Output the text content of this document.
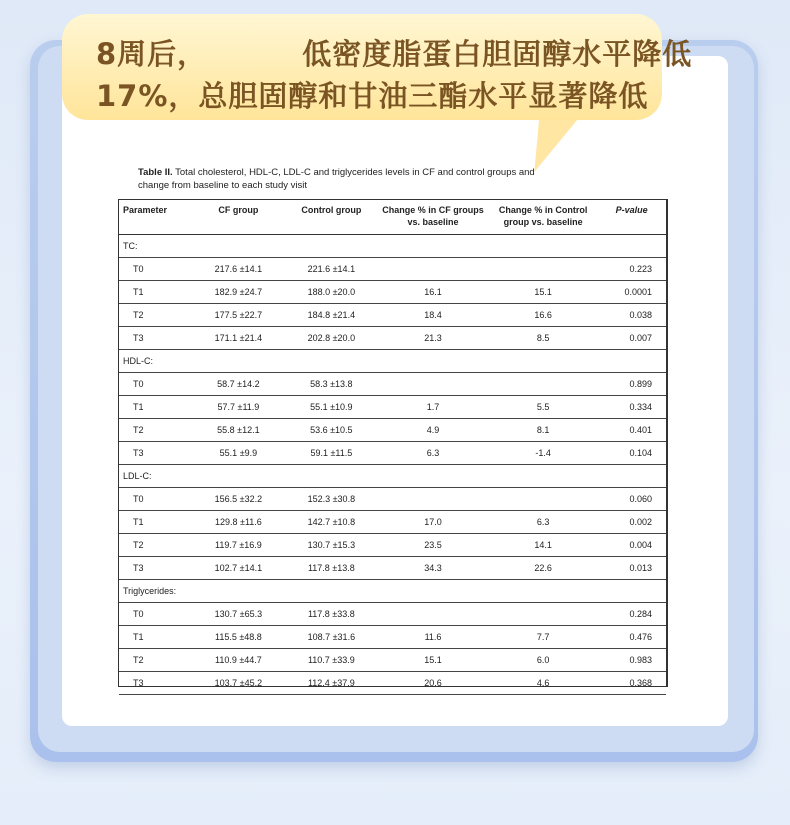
8周后，	低密度脂蛋白胆固醇水平降低
17%，总胆固醇和甘油三酯水平显著降低
Table II. Total cholesterol, HDL-C, LDL-C and triglycerides levels in CF and control groups and change from baseline to each study visit
Parameter	CF group	Control group	Change % in CF groups vs. baseline	Change % in Control group vs. baseline	P-value
TC:					
T0	217.6 ±14.1	221.6 ±14.1			0.223
T1	182.9 ±24.7	188.0 ±20.0	16.1	15.1	0.0001
T2	177.5 ±22.7	184.8 ±21.4	18.4	16.6	0.038
T3	171.1 ±21.4	202.8 ±20.0	21.3	8.5	0.007
HDL-C:					
T0	58.7 ±14.2	58.3 ±13.8			0.899
T1	57.7 ±11.9	55.1 ±10.9	1.7	5.5	0.334
T2	55.8 ±12.1	53.6 ±10.5	4.9	8.1	0.401
T3	55.1 ±9.9	59.1 ±11.5	6.3	-1.4	0.104
LDL-C:					
T0	156.5 ±32.2	152.3 ±30.8			0.060
T1	129.8 ±11.6	142.7 ±10.8	17.0	6.3	0.002
T2	119.7 ±16.9	130.7 ±15.3	23.5	14.1	0.004
T3	102.7 ±14.1	117.8 ±13.8	34.3	22.6	0.013
Triglycerides:					
T0	130.7 ±65.3	117.8 ±33.8			0.284
T1	115.5 ±48.8	108.7 ±31.6	11.6	7.7	0.476
T2	110.9 ±44.7	110.7 ±33.9	15.1	6.0	0.983
T3	103.7 ±45.2	112.4 ±37.9	20.6	4.6	0.368
